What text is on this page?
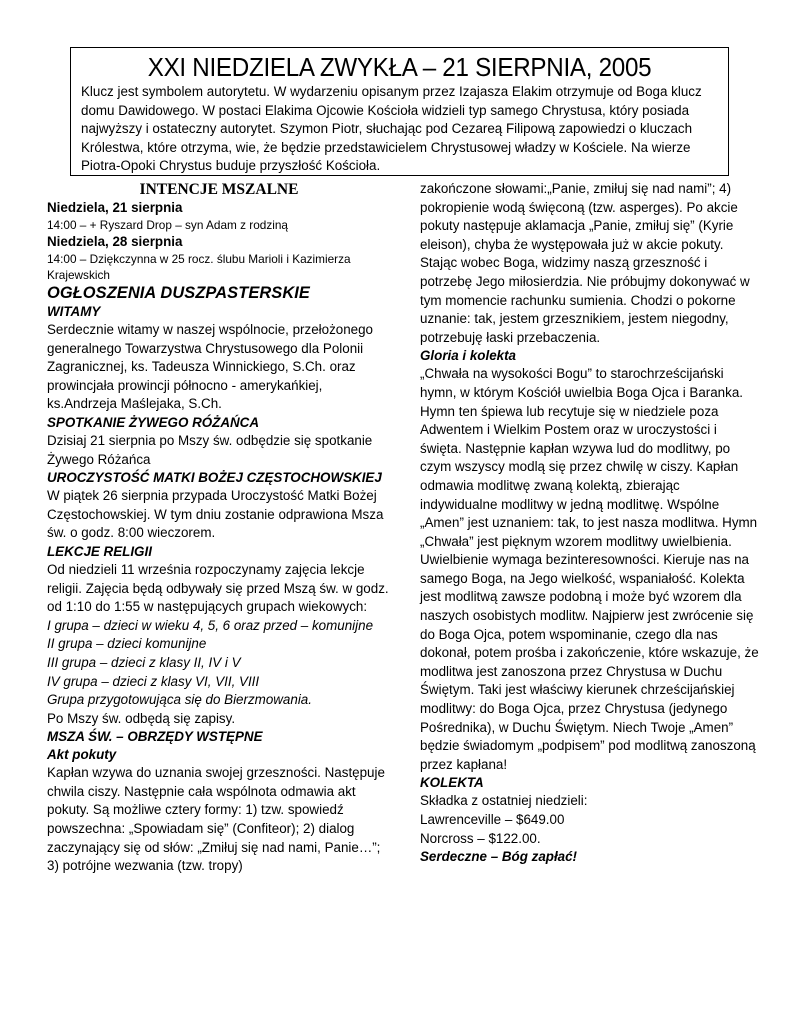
XXI NIEDZIELA ZWYKŁA – 21 SIERPNIA, 2005

Klucz jest symbolem autorytetu. W wydarzeniu opisanym przez Izajasza Elakim otrzymuje od Boga klucz domu Dawidowego. W postaci Elakima Ojcowie Kościoła widzieli typ samego Chrystusa, który posiada najwyższy i ostateczny autorytet. Szymon Piotr, słuchając pod Cezareą Filipową zapowiedzi o kluczach Królestwa, które otrzyma, wie, że będzie przedstawicielem Chrystusowej władzy w Kościele. Na wierze Piotra-Opoki Chrystus buduje przyszłość Kościoła.

INTENCJE MSZALNE

Niedziela, 21 sierpnia

14:00 – + Ryszard Drop – syn Adam z rodziną

Niedziela, 28 sierpnia

14:00 – Dziękczynna w 25 rocz. ślubu Marioli i Kazimierza Krajewskich

OGŁOSZENIA DUSZPASTERSKIE

WITAMY

Serdecznie witamy w naszej wspólnocie, przełożonego generalnego Towarzystwa Chrystusowego dla Polonii Zagranicznej, ks. Tadeusza Winnickiego, S.Ch. oraz prowincjała prowincji północno - amerykańkiej, ks.Andrzeja Maślejaka, S.Ch.

SPOTKANIE ŻYWEGO RÓŻAŃCA

Dzisiaj 21 sierpnia po Mszy św. odbędzie się spotkanie Żywego Różańca

UROCZYSTOŚĆ MATKI BOŻEJ CZĘSTOCHOWSKIEJ

W piątek 26 sierpnia przypada Uroczystość Matki Bożej Częstochowskiej. W tym dniu zostanie odprawiona Msza św. o godz. 8:00 wieczorem.

LEKCJE RELIGII

Od niedzieli 11 września rozpoczynamy zajęcia lekcje religii. Zajęcia będą odbywały się przed Mszą św. w godz. od 1:10 do 1:55 w następujących grupach wiekowych:

I grupa – dzieci w wieku 4, 5, 6 oraz przed – komunijne

II grupa – dzieci komunijne

III grupa – dzieci z klasy II, IV i V

IV grupa – dzieci z klasy VI, VII, VIII

Grupa przygotowująca się do Bierzmowania.

Po Mszy św. odbędą się zapisy.

MSZA ŚW. – OBRZĘDY WSTĘPNE

Akt pokuty

Kapłan wzywa do uznania swojej grzeszności. Następuje chwila ciszy. Następnie cała wspólnota odmawia akt pokuty. Są możliwe cztery formy: 1) tzw. spowiedź powszechna: „Spowiadam się” (Confiteor); 2) dialog zaczynający się od słów: „Zmiłuj się nad nami, Panie…”; 3) potrójne wezwania (tzw. tropy)

zakończone słowami:„Panie, zmiłuj się nad nami”; 4) pokropienie wodą święconą (tzw. asperges). Po akcie pokuty następuje aklamacja „Panie, zmiłuj się” (Kyrie eleison), chyba że występowała już w akcie pokuty. Stając wobec Boga, widzimy naszą grzeszność i potrzebę Jego miłosierdzia. Nie próbujmy dokonywać w tym momencie rachunku sumienia. Chodzi o pokorne uznanie: tak, jestem grzesznikiem, jestem niegodny, potrzebuję łaski przebaczenia.

Gloria i kolekta

„Chwała na wysokości Bogu” to starochrześcijański hymn, w którym Kościół uwielbia Boga Ojca i Baranka. Hymn ten śpiewa lub recytuje się w niedziele poza Adwentem i Wielkim Postem oraz w uroczystości i święta. Następnie kapłan wzywa lud do modlitwy, po czym wszyscy modlą się przez chwilę w ciszy. Kapłan odmawia modlitwę zwaną kolektą, zbierając indywidualne modlitwy w jedną modlitwę. Wspólne „Amen” jest uznaniem: tak, to jest nasza modlitwa. Hymn „Chwała” jest pięknym wzorem modlitwy uwielbienia. Uwielbienie wymaga bezinteresowności. Kieruje nas na samego Boga, na Jego wielkość, wspaniałość. Kolekta jest modlitwą zawsze podobną i może być wzorem dla naszych osobistych modlitw. Najpierw jest zwrócenie się do Boga Ojca, potem wspominanie, czego dla nas dokonał, potem prośba i zakończenie, które wskazuje, że modlitwa jest zanoszona przez Chrystusa w Duchu Świętym. Taki jest właściwy kierunek chrześcijańskiej modlitwy: do Boga Ojca, przez Chrystusa (jedynego Pośrednika), w Duchu Świętym. Niech Twoje „Amen” będzie świadomym „podpisem” pod modlitwą zanoszoną przez kapłana!

KOLEKTA

Składka z ostatniej niedzieli:

Lawrenceville – $649.00

Norcross – $122.00.

Serdeczne – Bóg zapłać!
